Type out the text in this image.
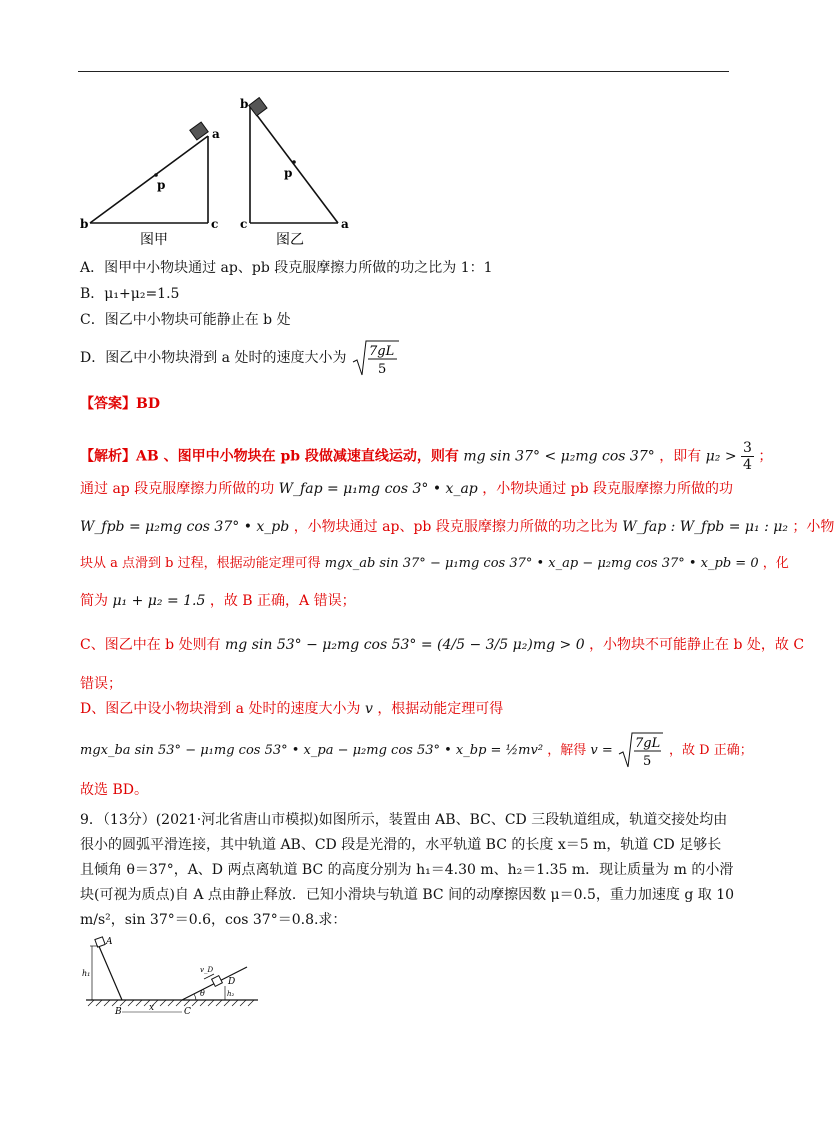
a
b	c
p
图甲
b
c	a
p
图乙
A．图甲中小物块通过 ap、pb 段克服摩擦力所做的功之比为 1：1
B．μ₁+μ₂=1.5
C．图乙中小物块可能静止在 b 处
D．图乙中小物块滑到 a 处时的速度大小为 7gL
5
【答案】BD
【解析】AB 、图甲中小物块在 pb 段做减速直线运动，则有 mg sin 37° < μ₂mg cos 37° ，即有 $\mu_2 > \frac{3}{4}$ ；
通过 ap 段克服摩擦力所做的功 W_fap = μ₁mg cos 3° • x_ap ，小物块通过 pb 段克服摩擦力所做的功
W_fpb = μ₂mg cos 37° • x_pb ，小物块通过 ap、pb 段克服摩擦力所做的功之比为 W_fap : W_fpb = μ₁ : μ₂ ；小物
块从 a 点滑到 b 过程，根据动能定理可得 mgx_ab sin 37° − μ₁mg cos 37° • x_ap − μ₂mg cos 37° • x_pb = 0 ，化
简为 μ₁ + μ₂ = 1.5 ，故 B 正确，A 错误；
C、图乙中在 b 处则有 mg sin 53° − μ₂mg cos 53° = (4/5 − 3/5 μ₂)mg > 0 ，小物块不可能静止在 b 处，故 C
错误；
D、图乙中设小物块滑到 a 处时的速度大小为 v ，根据动能定理可得
mgx_ba sin 53° − μ₁mg cos 53° • x_pa − μ₂mg cos 53° • x_bp = ½mv² ，解得 v = 7gL
5
，故 D 正确；
故选 BD。
9．（13分）(2021·河北省唐山市模拟)如图所示，装置由 AB、BC、CD 三段轨道组成，轨道交接处均由很小的圆弧平滑连接，其中轨道 AB、CD 段是光滑的，水平轨道 BC 的长度 x＝5 m，轨道 CD 足够长且倾角 θ＝37°，A、D 两点离轨道 BC 的高度分别为 h₁＝4.30 m、h₂＝1.35 m．现让质量为 m 的小滑块(可视为质点)自 A 点由静止释放．已知小滑块与轨道 BC 间的动摩擦因数 μ＝0.5，重力加速度 g 取 10 m/s²，sin 37°＝0.6，cos 37°＝0.8.求：
A
h₁
B	x	C
v_D
D
h₂
θ
